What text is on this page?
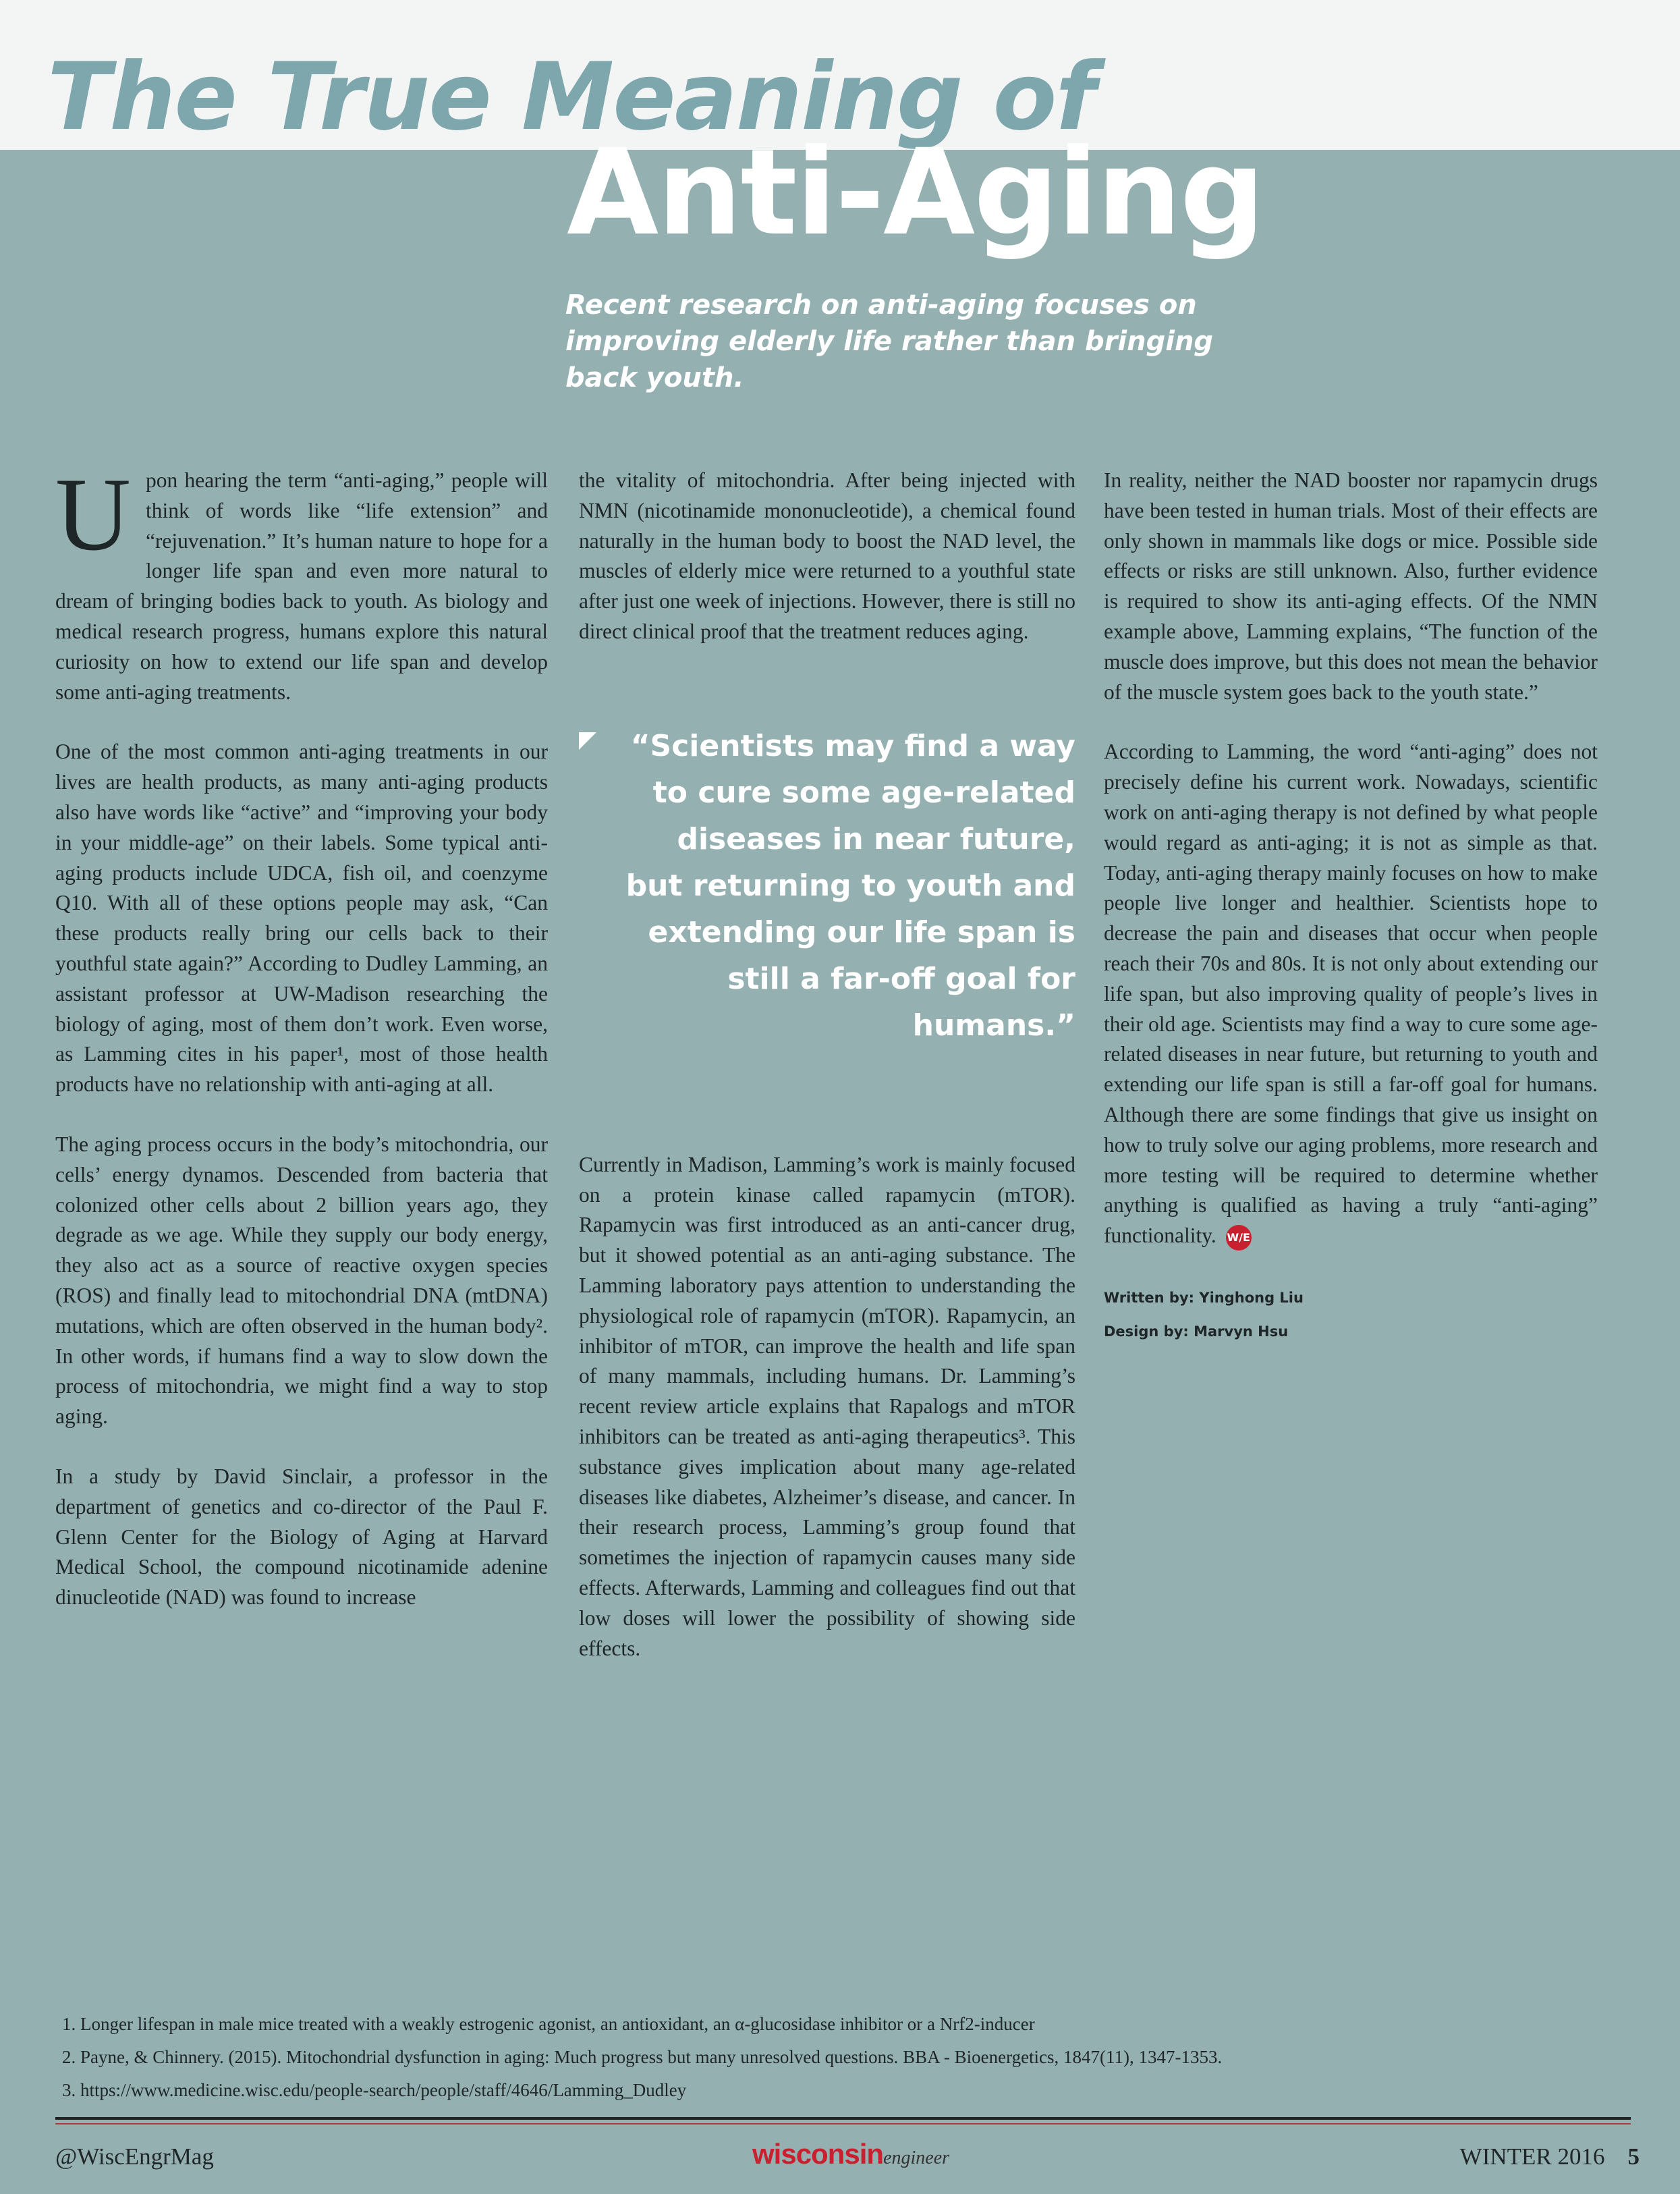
The True Meaning of
Anti-Aging
Recent research on anti-aging focuses on improving elderly life rather than bringing back youth.

Upon hearing the term “anti-aging,” people will think of words like “life extension” and “rejuvenation.” It’s human nature to hope for a longer life span and even more natural to dream of bringing bodies back to youth. As biology and medical research progress, humans explore this natural curiosity on how to extend our life span and develop some anti-aging treatments.

One of the most common anti-aging treatments in our lives are health products, as many anti-aging products also have words like “active” and “improving your body in your middle-age” on their labels. Some typical anti-aging products include UDCA, fish oil, and coenzyme Q10. With all of these options people may ask, “Can these products really bring our cells back to their youthful state again?” According to Dudley Lamming, an assistant professor at UW-Madison researching the biology of aging, most of them don’t work. Even worse, as Lamming cites in his paper¹, most of those health products have no relationship with anti-aging at all.

The aging process occurs in the body’s mitochondria, our cells’ energy dynamos. Descended from bacteria that colonized other cells about 2 billion years ago, they degrade as we age. While they supply our body energy, they also act as a source of reactive oxygen species (ROS) and finally lead to mitochondrial DNA (mtDNA) mutations, which are often observed in the human body². In other words, if humans find a way to slow down the process of mitochondria, we might find a way to stop aging.

In a study by David Sinclair, a professor in the department of genetics and co-director of the Paul F. Glenn Center for the Biology of Aging at Harvard Medical School, the compound nicotinamide adenine dinucleotide (NAD) was found to increase

the vitality of mitochondria. After being injected with NMN (nicotinamide mononucleotide), a chemical found naturally in the human body to boost the NAD level, the muscles of elderly mice were returned to a youthful state after just one week of injections. However, there is still no direct clinical proof that the treatment reduces aging.

“Scientists may find a way to cure some age-related diseases in near future, but returning to youth and extending our life span is still a far-off goal for humans.”

Currently in Madison, Lamming’s work is mainly focused on a protein kinase called rapamycin (mTOR). Rapamycin was first introduced as an anti-cancer drug, but it showed potential as an anti-aging substance. The Lamming laboratory pays attention to understanding the physiological role of rapamycin (mTOR). Rapamycin, an inhibitor of mTOR, can improve the health and life span of many mammals, including humans. Dr. Lamming’s recent review article explains that Rapalogs and mTOR inhibitors can be treated as anti-aging therapeutics³. This substance gives implication about many age-related diseases like diabetes, Alzheimer’s disease, and cancer. In their research process, Lamming’s group found that sometimes the injection of rapamycin causes many side effects. Afterwards, Lamming and colleagues find out that low doses will lower the possibility of showing side effects.

In reality, neither the NAD booster nor rapamycin drugs have been tested in human trials. Most of their effects are only shown in mammals like dogs or mice. Possible side effects or risks are still unknown. Also, further evidence is required to show its anti-aging effects. Of the NMN example above, Lamming explains, “The function of the muscle does improve, but this does not mean the behavior of the muscle system goes back to the youth state.”

According to Lamming, the word “anti-aging” does not precisely define his current work. Nowadays, scientific work on anti-aging therapy is not defined by what people would regard as anti-aging; it is not as simple as that. Today, anti-aging therapy mainly focuses on how to make people live longer and healthier. Scientists hope to decrease the pain and diseases that occur when people reach their 70s and 80s. It is not only about extending our life span, but also improving quality of people’s lives in their old age. Scientists may find a way to cure some age-related diseases in near future, but returning to youth and extending our life span is still a far-off goal for humans. Although there are some findings that give us insight on how to truly solve our aging problems, more research and more testing will be required to determine whether anything is qualified as having a truly “anti-aging” functionality. W/E

Written by: Yinghong Liu
Design by: Marvyn Hsu
1. Longer lifespan in male mice treated with a weakly estrogenic agonist, an antioxidant, an α-glucosidase inhibitor or a Nrf2-inducer
2. Payne, & Chinnery. (2015). Mitochondrial dysfunction in aging: Much progress but many unresolved questions. BBA - Bioenergetics, 1847(11), 1347-1353.
3. https://www.medicine.wisc.edu/people-search/people/staff/4646/Lamming_Dudley
@WiscEngrMag	wisconsinengineer	WINTER 2016 5
